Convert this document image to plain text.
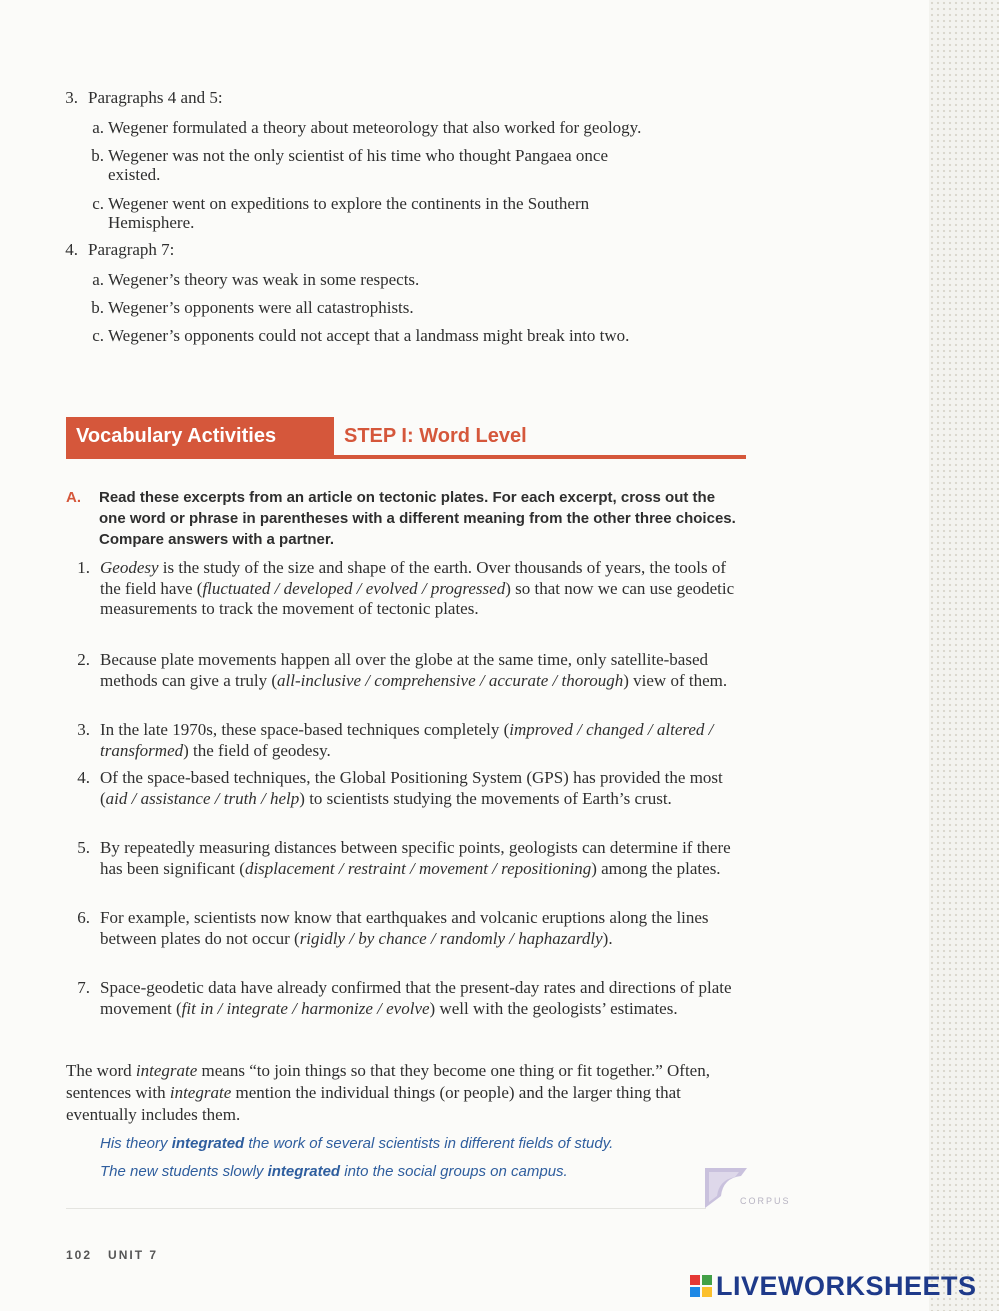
3. Paragraphs 4 and 5:
a. Wegener formulated a theory about meteorology that also worked for geology.
b. Wegener was not the only scientist of his time who thought Pangaea once
existed.
c. Wegener went on expeditions to explore the continents in the Southern
Hemisphere.
4. Paragraph 7:
a. Wegener’s theory was weak in some respects.
b. Wegener’s opponents were all catastrophists.
c. Wegener’s opponents could not accept that a landmass might break into two.
Vocabulary Activities	STEP I: Word Level
A. Read these excerpts from an article on tectonic plates. For each excerpt, cross out the one word or phrase in parentheses with a different meaning from the other three choices. Compare answers with a partner.
1. Geodesy is the study of the size and shape of the earth. Over thousands of years, the tools of the field have (fluctuated / developed / evolved / progressed) so that now we can use geodetic measurements to track the movement of tectonic plates.
2. Because plate movements happen all over the globe at the same time, only satellite-based methods can give a truly (all-inclusive / comprehensive / accurate / thorough) view of them.
3. In the late 1970s, these space-based techniques completely (improved / changed / altered / transformed) the field of geodesy.
4. Of the space-based techniques, the Global Positioning System (GPS) has provided the most (aid / assistance / truth / help) to scientists studying the movements of Earth’s crust.
5. By repeatedly measuring distances between specific points, geologists can determine if there has been significant (displacement / restraint / movement / repositioning) among the plates.
6. For example, scientists now know that earthquakes and volcanic eruptions along the lines between plates do not occur (rigidly / by chance / randomly / haphazardly).
7. Space-geodetic data have already confirmed that the present-day rates and directions of plate movement (fit in / integrate / harmonize / evolve) well with the geologists’ estimates.
The word integrate means “to join things so that they become one thing or fit together.” Often, sentences with integrate mention the individual things (or people) and the larger thing that eventually includes them.
His theory integrated the work of several scientists in different fields of study.
The new students slowly integrated into the social groups on campus.
CORPUS
102 UNIT 7
LIVEWORKSHEETS
